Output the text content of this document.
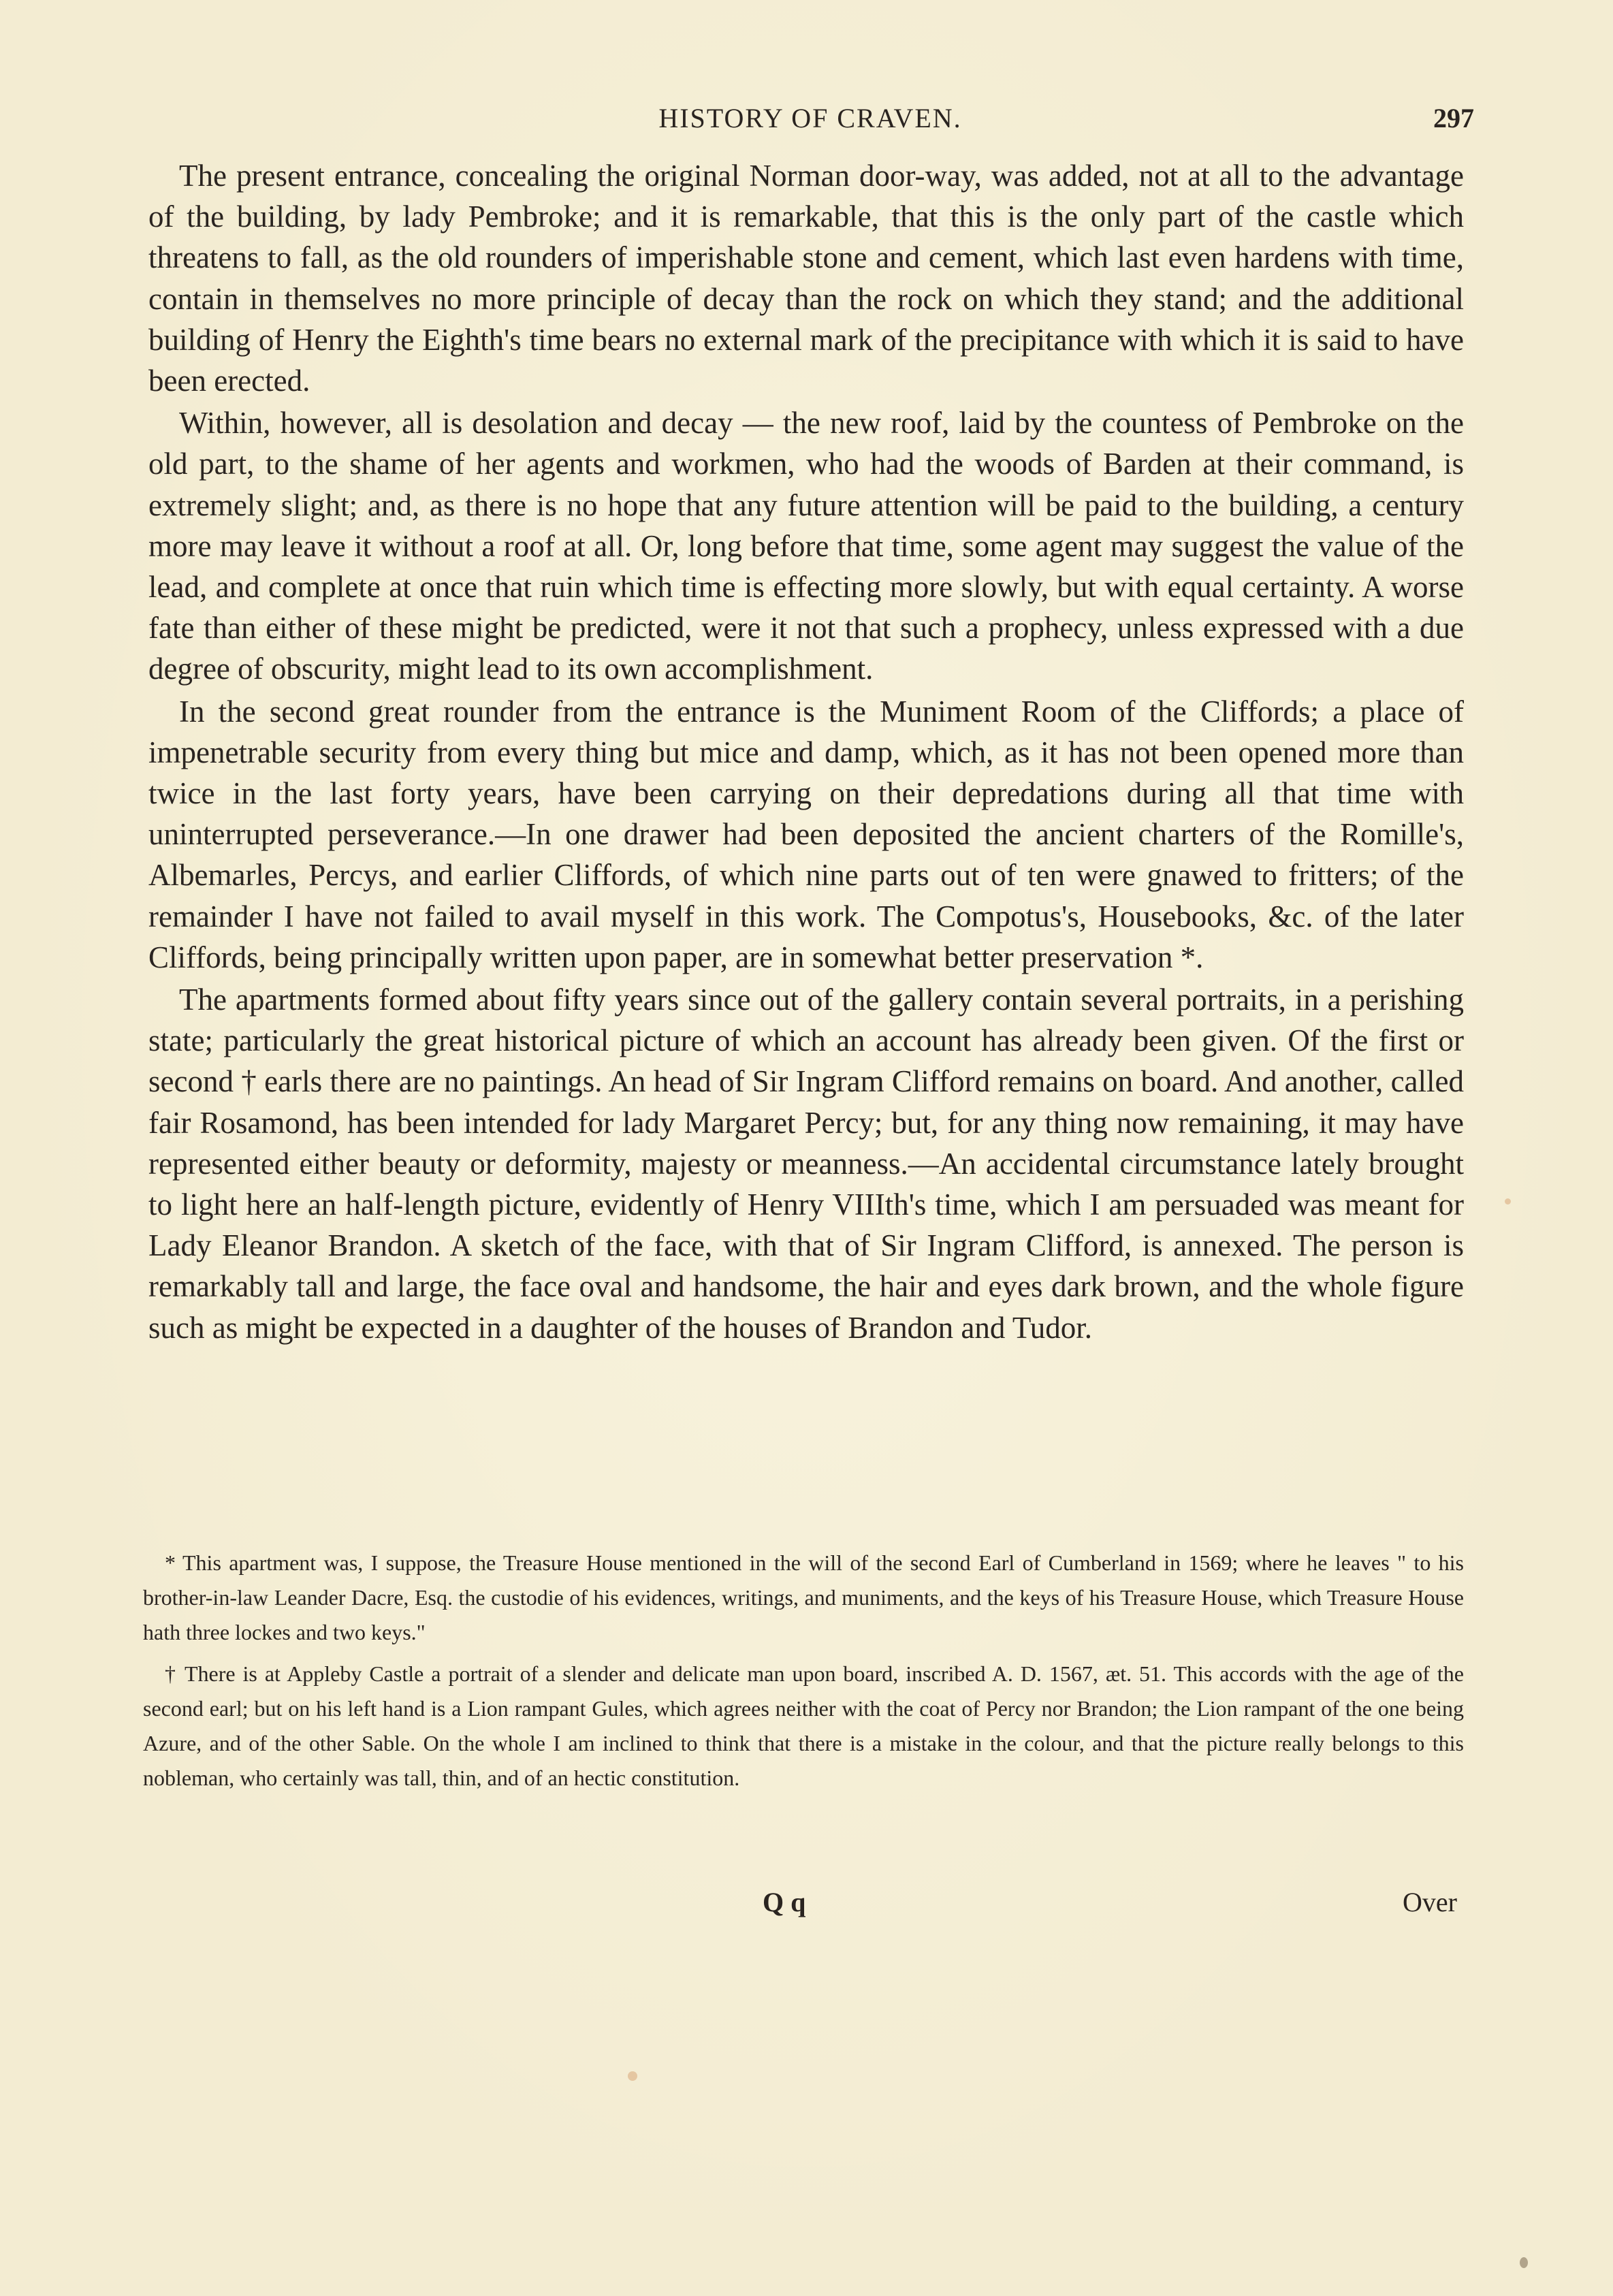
HISTORY OF CRAVEN.	297

The present entrance, concealing the original Norman door-way, was added, not at all to the advantage of the building, by lady Pembroke; and it is remarkable, that this is the only part of the castle which threatens to fall, as the old rounders of imperishable stone and cement, which last even hardens with time, contain in themselves no more principle of decay than the rock on which they stand; and the additional building of Henry the Eighth's time bears no external mark of the precipitance with which it is said to have been erected.

Within, however, all is desolation and decay — the new roof, laid by the countess of Pembroke on the old part, to the shame of her agents and workmen, who had the woods of Barden at their command, is extremely slight; and, as there is no hope that any future attention will be paid to the building, a century more may leave it without a roof at all. Or, long before that time, some agent may suggest the value of the lead, and complete at once that ruin which time is effecting more slowly, but with equal certainty. A worse fate than either of these might be predicted, were it not that such a prophecy, unless expressed with a due degree of obscurity, might lead to its own accomplishment.

In the second great rounder from the entrance is the Muniment Room of the Cliffords; a place of impenetrable security from every thing but mice and damp, which, as it has not been opened more than twice in the last forty years, have been carrying on their depredations during all that time with uninterrupted perseverance.—In one drawer had been deposited the ancient charters of the Romille's, Albemarles, Percys, and earlier Cliffords, of which nine parts out of ten were gnawed to fritters; of the remainder I have not failed to avail myself in this work. The Compotus's, Housebooks, &c. of the later Cliffords, being principally written upon paper, are in somewhat better preservation *.

The apartments formed about fifty years since out of the gallery contain several portraits, in a perishing state; particularly the great historical picture of which an account has already been given. Of the first or second † earls there are no paintings. An head of Sir Ingram Clifford remains on board. And another, called fair Rosamond, has been intended for lady Margaret Percy; but, for any thing now remaining, it may have represented either beauty or deformity, majesty or meanness.—An accidental circumstance lately brought to light here an half-length picture, evidently of Henry VIIIth's time, which I am persuaded was meant for Lady Eleanor Brandon. A sketch of the face, with that of Sir Ingram Clifford, is annexed. The person is remarkably tall and large, the face oval and handsome, the hair and eyes dark brown, and the whole figure such as might be expected in a daughter of the houses of Brandon and Tudor.

* This apartment was, I suppose, the Treasure House mentioned in the will of the second Earl of Cumberland in 1569; where he leaves " to his brother-in-law Leander Dacre, Esq. the custodie of his evidences, writings, and muniments, and the keys of his Treasure House, which Treasure House hath three lockes and two keys."

† There is at Appleby Castle a portrait of a slender and delicate man upon board, inscribed A. D. 1567, æt. 51. This accords with the age of the second earl; but on his left hand is a Lion rampant Gules, which agrees neither with the coat of Percy nor Brandon; the Lion rampant of the one being Azure, and of the other Sable. On the whole I am inclined to think that there is a mistake in the colour, and that the picture really belongs to this nobleman, who certainly was tall, thin, and of an hectic constitution.

Q q	Over
